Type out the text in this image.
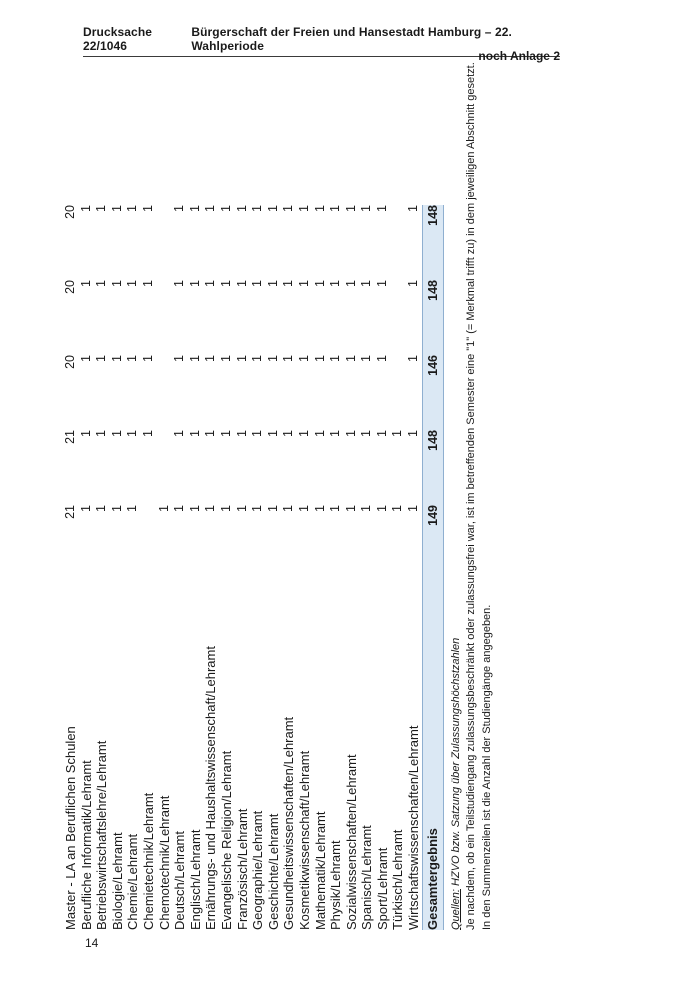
Drucksache 22/1046
Bürgerschaft der Freien und Hansestadt Hamburg – 22. Wahlperiode
noch Anlage 2
Master - LA an Beruflichen Schulen	21	21	20	20	20
Berufliche Informatik/Lehramt	1	1	1	1	1
Betriebswirtschaftslehre/Lehramt	1	1	1	1	1
Biologie/Lehramt	1	1	1	1	1
Chemie/Lehramt	1	1	1	1	1
Chemietechnik/Lehramt		1	1	1	1
Chemotechnik/Lehramt	1				
Deutsch/Lehramt	1	1	1	1	1
Englisch/Lehramt	1	1	1	1	1
Ernährungs- und Haushaltswissenschaft/Lehramt	1	1	1	1	1
Evangelische Religion/Lehramt	1	1	1	1	1
Französisch/Lehramt	1	1	1	1	1
Geographie/Lehramt	1	1	1	1	1
Geschichte/Lehramt	1	1	1	1	1
Gesundheitswissenschaften/Lehramt	1	1	1	1	1
Kosmetikwissenschaft/Lehramt	1	1	1	1	1
Mathematik/Lehramt	1	1	1	1	1
Physik/Lehramt	1	1	1	1	1
Sozialwissenschaften/Lehramt	1	1	1	1	1
Spanisch/Lehramt	1	1	1	1	1
Sport/Lehramt	1	1	1	1	1
Türkisch/Lehramt	1	1			
Wirtschaftswissenschaften/Lehramt	1	1	1	1	1
Gesamtergebnis	149	148	146	148	148
Quellen: HZVO bzw. Satzung über Zulassungshöchstzahlen Je nachdem, ob ein Teilstudiengang zulassungsbeschränkt oder zulassungsfrei war, ist im betreffenden Semester eine "1" (= Merkmal trifft zu) in dem jeweiligen Abschnitt gesetzt. In den Summenzeilen ist die Anzahl der Studiengänge angegeben.
14
